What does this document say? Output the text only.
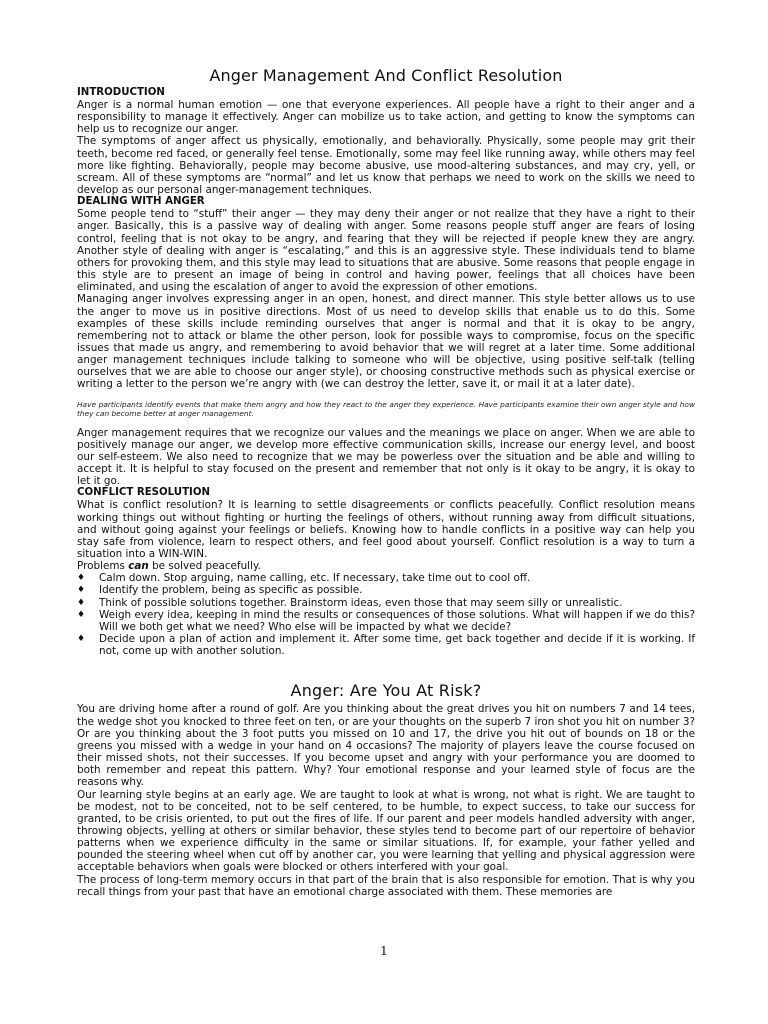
Anger Management And Conflict Resolution
INTRODUCTION

Anger is a normal human emotion — one that everyone experiences. All people have a right to their anger and a responsibility to manage it effectively. Anger can mobilize us to take action, and getting to know the symptoms can help us to recognize our anger.

The symptoms of anger affect us physically, emotionally, and behaviorally. Physically, some people may grit their teeth, become red faced, or generally feel tense. Emotionally, some may feel like running away, while others may feel more like fighting. Behaviorally, people may become abusive, use mood-altering substances, and may cry, yell, or scream. All of these symptoms are “normal” and let us know that perhaps we need to work on the skills we need to develop as our personal anger-management techniques.

DEALING WITH ANGER

Some people tend to “stuff” their anger — they may deny their anger or not realize that they have a right to their anger. Basically, this is a passive way of dealing with anger. Some reasons people stuff anger are fears of losing control, feeling that is not okay to be angry, and fearing that they will be rejected if people knew they are angry. Another style of dealing with anger is “escalating,” and this is an aggressive style. These individuals tend to blame others for provoking them, and this style may lead to situations that are abusive. Some reasons that people engage in this style are to present an image of being in control and having power, feelings that all choices have been eliminated, and using the escalation of anger to avoid the expression of other emotions.

Managing anger involves expressing anger in an open, honest, and direct manner. This style better allows us to use the anger to move us in positive directions. Most of us need to develop skills that enable us to do this. Some examples of these skills include reminding ourselves that anger is normal and that it is okay to be angry, remembering not to attack or blame the other person, look for possible ways to compromise, focus on the specific issues that made us angry, and remembering to avoid behavior that we will regret at a later time. Some additional anger management techniques include talking to someone who will be objective, using positive self-talk (telling ourselves that we are able to choose our anger style), or choosing constructive methods such as physical exercise or writing a letter to the person we’re angry with (we can destroy the letter, save it, or mail it at a later date).

Have participants identify events that make them angry and how they react to the anger they experience. Have participants examine their own anger style and how they can become better at anger management.

Anger management requires that we recognize our values and the meanings we place on anger. When we are able to positively manage our anger, we develop more effective communication skills, increase our energy level, and boost our self-esteem. We also need to recognize that we may be powerless over the situation and be able and willing to accept it. It is helpful to stay focused on the present and remember that not only is it okay to be angry, it is okay to let it go.

CONFLICT RESOLUTION

What is conflict resolution? It is learning to settle disagreements or conflicts peacefully. Conflict resolution means working things out without fighting or hurting the feelings of others, without running away from difficult situations, and without going against your feelings or beliefs. Knowing how to handle conflicts in a positive way can help you stay safe from violence, learn to respect others, and feel good about yourself. Conflict resolution is a way to turn a situation into a WIN-WIN.

Problems can be solved peacefully.

♦ Calm down. Stop arguing, name calling, etc. If necessary, take time out to cool off.
♦ Identify the problem, being as specific as possible.
♦ Think of possible solutions together. Brainstorm ideas, even those that may seem silly or unrealistic.
♦ Weigh every idea, keeping in mind the results or consequences of those solutions. What will happen if we do this? Will we both get what we need? Who else will be impacted by what we decide?
♦ Decide upon a plan of action and implement it. After some time, get back together and decide if it is working. If not, come up with another solution.
Anger: Are You At Risk?

You are driving home after a round of golf. Are you thinking about the great drives you hit on numbers 7 and 14 tees, the wedge shot you knocked to three feet on ten, or are your thoughts on the superb 7 iron shot you hit on number 3? Or are you thinking about the 3 foot putts you missed on 10 and 17, the drive you hit out of bounds on 18 or the greens you missed with a wedge in your hand on 4 occasions? The majority of players leave the course focused on their missed shots, not their successes. If you become upset and angry with your performance you are doomed to both remember and repeat this pattern. Why? Your emotional response and your learned style of focus are the reasons why.

Our learning style begins at an early age. We are taught to look at what is wrong, not what is right. We are taught to be modest, not to be conceited, not to be self centered, to be humble, to expect success, to take our success for granted, to be crisis oriented, to put out the fires of life. If our parent and peer models handled adversity with anger, throwing objects, yelling at others or similar behavior, these styles tend to become part of our repertoire of behavior patterns when we experience difficulty in the same or similar situations. If, for example, your father yelled and pounded the steering wheel when cut off by another car, you were learning that yelling and physical aggression were acceptable behaviors when goals were blocked or others interfered with your goal.

The process of long-term memory occurs in that part of the brain that is also responsible for emotion. That is why you recall things from your past that have an emotional charge associated with them. These memories are

1
